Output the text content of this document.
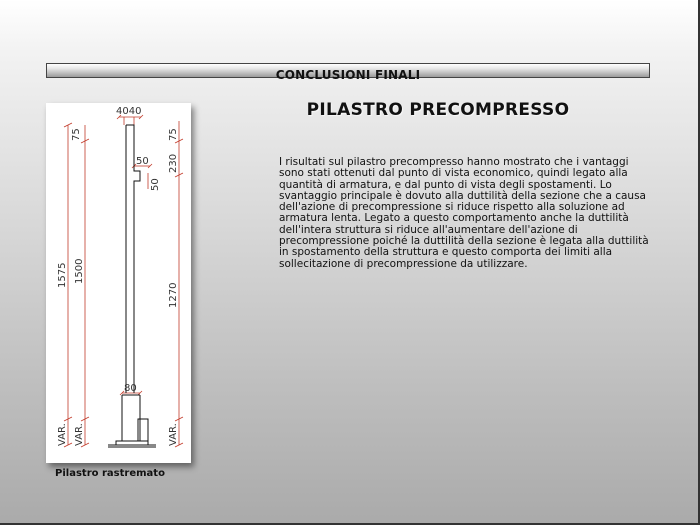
CONCLUSIONI FINALI
4040
75	75
230
50
50
1575 1500
1270
80
VAR. VAR.	VAR.
Pilastro rastremato
PILASTRO PRECOMPRESSO

I risultati sul pilastro precompresso hanno mostrato che i vantaggi sono stati ottenuti dal punto di vista economico, quindi legato alla quantità di armatura, e dal punto di vista degli spostamenti. Lo svantaggio principale è dovuto alla duttilità della sezione che a causa dell'azione di precompressione si riduce rispetto alla soluzione ad armatura lenta. Legato a questo comportamento anche la duttilità dell'intera struttura si riduce all'aumentare dell'azione di precompressione poiché la duttilità della sezione è legata alla duttilità in spostamento della struttura e questo comporta dei limiti alla sollecitazione di precompressione da utilizzare.
